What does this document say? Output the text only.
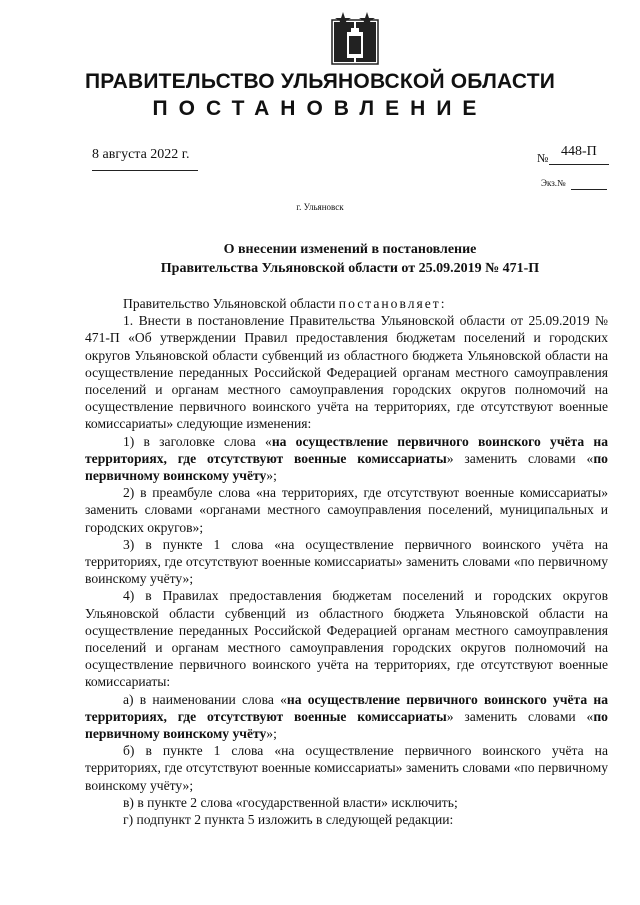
ПРАВИТЕЛЬСТВО УЛЬЯНОВСКОЙ ОБЛАСТИ
ПОСТАНОВЛЕНИЕ
8 августа 2022 г.	№ 448-П
Экз.№
г. Ульяновск
О внесении изменений в постановление
Правительства Ульяновской области от 25.09.2019 № 471-П

Правительство Ульяновской области постановляет:

1. Внести в постановление Правительства Ульяновской области от 25.09.2019 № 471-П «Об утверждении Правил предоставления бюджетам поселений и городских округов Ульяновской области субвенций из областного бюджета Ульяновской области на осуществление переданных Российской Федерацией органам местного самоуправления поселений и органам местного самоуправления городских округов полномочий на осуществление первичного воинского учёта на территориях, где отсутствуют военные комиссариаты» следующие изменения:

1) в заголовке слова «на осуществление первичного воинского учёта на территориях, где отсутствуют военные комиссариаты» заменить словами «по первичному воинскому учёту»;

2) в преамбуле слова «на территориях, где отсутствуют военные комиссариаты» заменить словами «органами местного самоуправления поселений, муниципальных и городских округов»;

3) в пункте 1 слова «на осуществление первичного воинского учёта на территориях, где отсутствуют военные комиссариаты» заменить словами «по первичному воинскому учёту»;

4) в Правилах предоставления бюджетам поселений и городских округов Ульяновской области субвенций из областного бюджета Ульяновской области на осуществление переданных Российской Федерацией органам местного самоуправления поселений и органам местного самоуправления городских округов полномочий на осуществление первичного воинского учёта на территориях, где отсутствуют военные комиссариаты:

а) в наименовании слова «на осуществление первичного воинского учёта на территориях, где отсутствуют военные комиссариаты» заменить словами «по первичному воинскому учёту»;

б) в пункте 1 слова «на осуществление первичного воинского учёта на территориях, где отсутствуют военные комиссариаты» заменить словами «по первичному воинскому учёту»;

в) в пункте 2 слова «государственной власти» исключить;

г) подпункт 2 пункта 5 изложить в следующей редакции:
